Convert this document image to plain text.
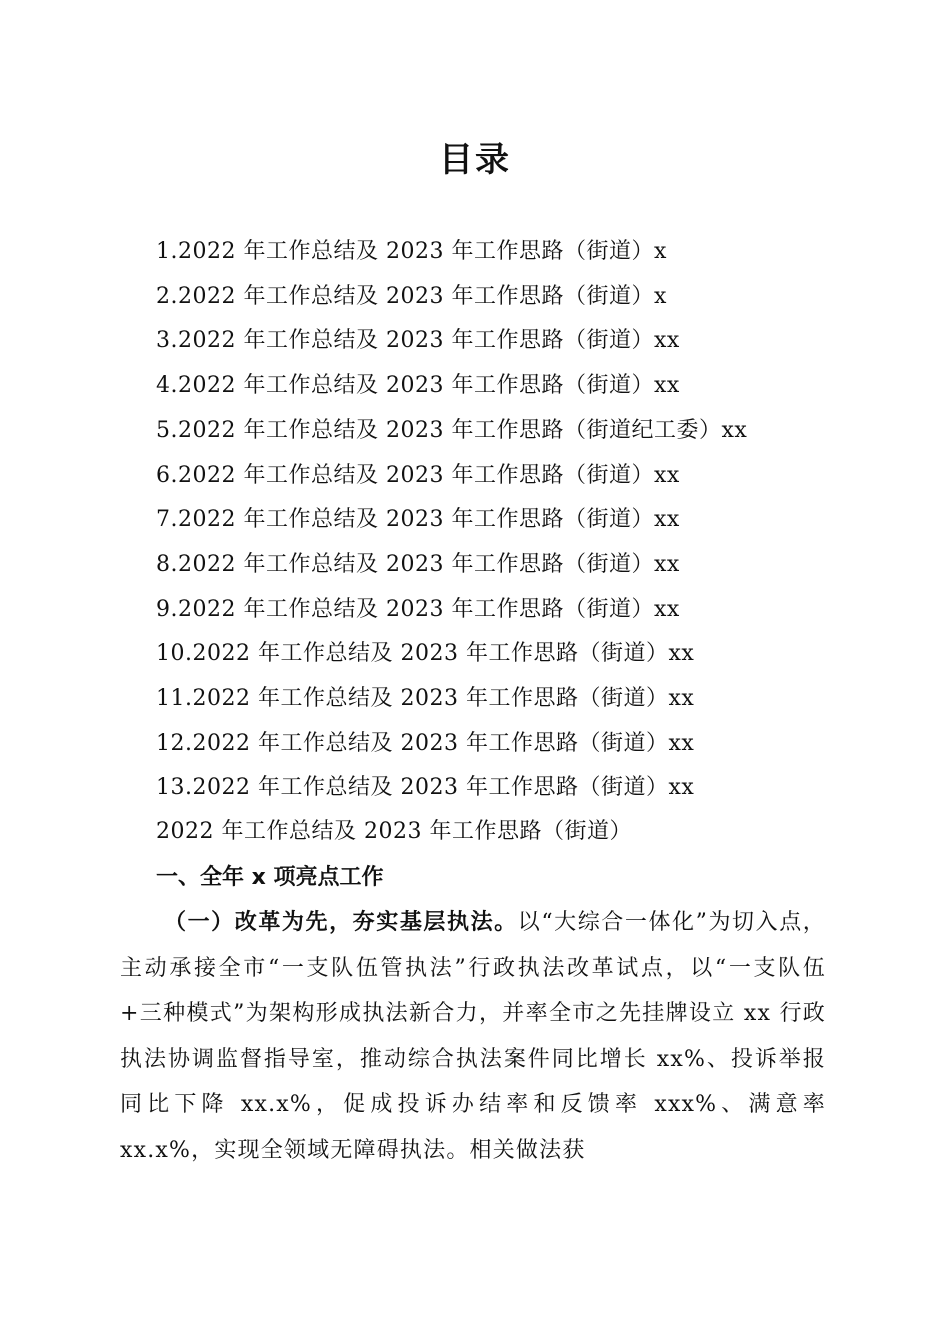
目录
1.2022 年工作总结及 2023 年工作思路（街道）x
2.2022 年工作总结及 2023 年工作思路（街道）x
3.2022 年工作总结及 2023 年工作思路（街道）xx
4.2022 年工作总结及 2023 年工作思路（街道）xx
5.2022 年工作总结及 2023 年工作思路（街道纪工委）xx
6.2022 年工作总结及 2023 年工作思路（街道）xx
7.2022 年工作总结及 2023 年工作思路（街道）xx
8.2022 年工作总结及 2023 年工作思路（街道）xx
9.2022 年工作总结及 2023 年工作思路（街道）xx
10.2022 年工作总结及 2023 年工作思路（街道）xx
11.2022 年工作总结及 2023 年工作思路（街道）xx
12.2022 年工作总结及 2023 年工作思路（街道）xx
13.2022 年工作总结及 2023 年工作思路（街道）xx
2022 年工作总结及 2023 年工作思路（街道）
一、全年 x 项亮点工作

（一）改革为先，夯实基层执法。以“大综合一体化”为切入点，主动承接全市“一支队伍管执法”行政执法改革试点，以“一支队伍+三种模式”为架构形成执法新合力，并率全市之先挂牌设立 xx 行政执法协调监督指导室，推动综合执法案件同比增长 xx%、投诉举报同比下降 xx.x%，促成投诉办结率和反馈率 xxx%、满意率 xx.x%，实现全领域无障碍执法。相关做法获
